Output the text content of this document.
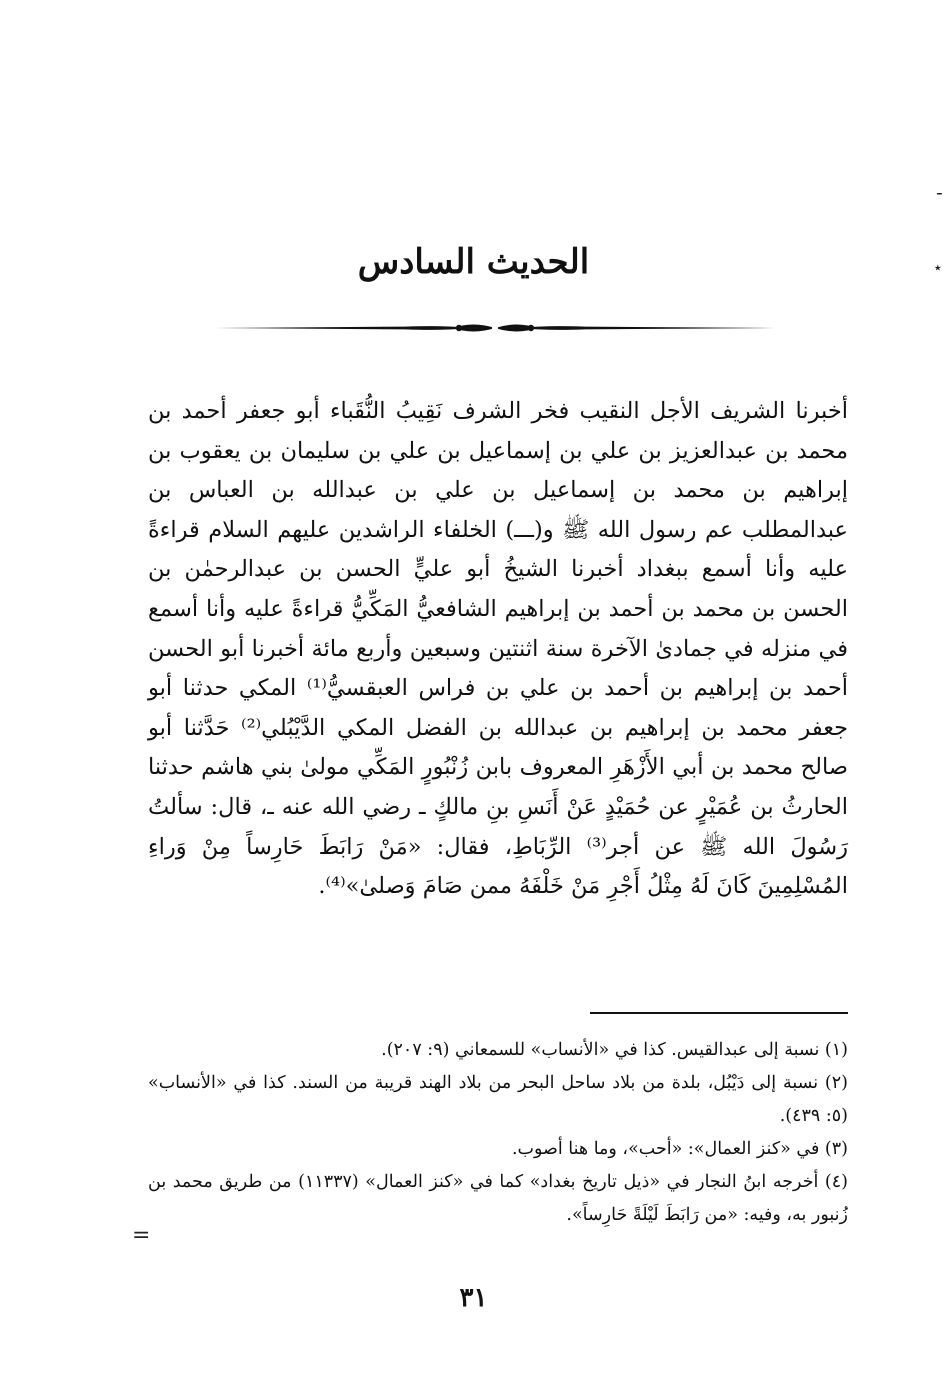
-
٭
الحديث السادس

أخبرنا الشريف الأجل النقيب فخر الشرف نَقِيبُ النُّقَباء أبو جعفر أحمد بن محمد بن عبدالعزيز بن علي بن إسماعيل بن علي بن سليمان بن يعقوب بن إبراهيم بن محمد بن إسماعيل بن علي بن عبدالله بن العباس بن عبدالمطلب عم رسول الله ﷺ و(ـــ) الخلفاء الراشدين عليهم السلام قراءةً عليه وأنا أسمع ببغداد أخبرنا الشيخُ أبو عليٍّ الحسن بن عبدالرحمٰن بن الحسن بن محمد بن أحمد بن إبراهيم الشافعيُّ المَكِّيُّ قراءةً عليه وأنا أسمع في منزله في جمادىٰ الآخرة سنة اثنتين وسبعين وأربع مائة أخبرنا أبو الحسن أحمد بن إبراهيم بن أحمد بن علي بن فراس العبقسيُّ⁽¹⁾ المكي حدثنا أبو جعفر محمد بن إبراهيم بن عبدالله بن الفضل المكي الدَّيْبُلي⁽²⁾ حَدَّثنا أبو صالح محمد بن أبي الأَزْهَرِ المعروف بابن زُنْبُورٍ المَكِّي مولىٰ بني هاشم حدثنا الحارثُ بن عُمَيْرٍ عن حُمَيْدٍ عَنْ أَنَسِ بنِ مالكٍ ـ رضي الله عنه ـ، قال: سألتُ رَسُولَ الله ﷺ عن أجر⁽³⁾ الرِّبَاطِ، فقال: «مَنْ رَابَطَ حَارِساً مِنْ وَراءِ المُسْلِمِينَ كَانَ لَهُ مِثْلُ أَجْرِ مَنْ خَلْفَهُ ممن صَامَ وَصلىٰ»⁽⁴⁾.

(١) نسبة إلى عبدالقيس. كذا في «الأنساب» للسمعاني (٩: ٢٠٧).
(٢) نسبة إلى دَيْبُل، بلدة من بلاد ساحل البحر من بلاد الهند قريبة من السند. كذا في «الأنساب» (٥: ٤٣٩).
(٣) في «كنز العمال»: «أحب»، وما هنا أصوب.
(٤) أخرجه ابنُ النجار في «ذيل تاريخ بغداد» كما في «كنز العمال» (١١٣٣٧) من طريق محمد بن زُنبور به، وفيه: «من رَابَطَ لَيْلَةً حَارِساً».
=
٣١
